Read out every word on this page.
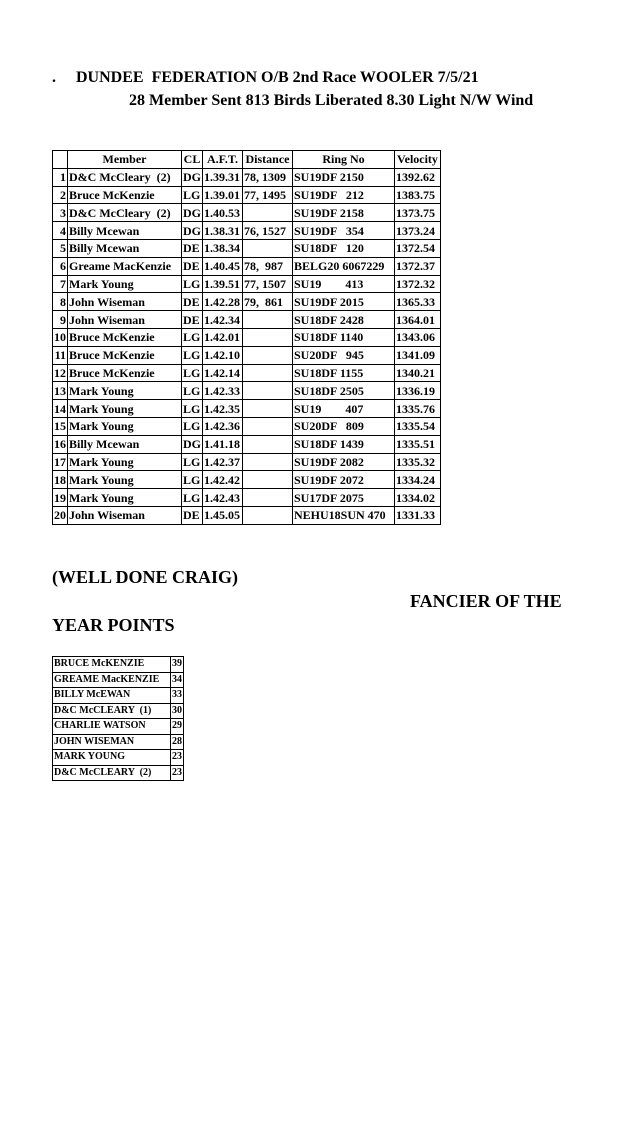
.     DUNDEE  FEDERATION O/B 2nd Race WOOLER 7/5/21
28 Member Sent 813 Birds Liberated 8.30 Light N/W Wind
	Member	CL	A.F.T.	Distance	Ring No	Velocity
1	D&C McCleary  (2)	DG	1.39.31	78, 1309	SU19DF 2150	1392.62
2	Bruce McKenzie	LG	1.39.01	77, 1495	SU19DF   212	1383.75
3	D&C McCleary  (2)	DG	1.40.53		SU19DF 2158	1373.75
4	Billy Mcewan	DG	1.38.31	76, 1527	SU19DF   354	1373.24
5	Billy Mcewan	DE	1.38.34		SU18DF   120	1372.54
6	Greame MacKenzie	DE	1.40.45	78,  987	BELG20 6067229	1372.37
7	Mark Young	LG	1.39.51	77, 1507	SU19        413	1372.32
8	John Wiseman	DE	1.42.28	79,  861	SU19DF 2015	1365.33
9	John Wiseman	DE	1.42.34		SU18DF 2428	1364.01
10	Bruce McKenzie	LG	1.42.01		SU18DF 1140	1343.06
11	Bruce McKenzie	LG	1.42.10		SU20DF   945	1341.09
12	Bruce McKenzie	LG	1.42.14		SU18DF 1155	1340.21
13	Mark Young	LG	1.42.33		SU18DF 2505	1336.19
14	Mark Young	LG	1.42.35		SU19        407	1335.76
15	Mark Young	LG	1.42.36		SU20DF   809	1335.54
16	Billy Mcewan	DG	1.41.18		SU18DF 1439	1335.51
17	Mark Young	LG	1.42.37		SU19DF 2082	1335.32
18	Mark Young	LG	1.42.42		SU19DF 2072	1334.24
19	Mark Young	LG	1.42.43		SU17DF 2075	1334.02
20	John Wiseman	DE	1.45.05		NEHU18SUN 470	1331.33
(WELL DONE CRAIG)
FANCIER OF THE
YEAR POINTS
BRUCE McKENZIE	39
GREAME MacKENZIE	34
BILLY McEWAN	33
D&C McCLEARY  (1)	30
CHARLIE WATSON	29
JOHN WISEMAN	28
MARK YOUNG	23
D&C McCLEARY  (2)	23
